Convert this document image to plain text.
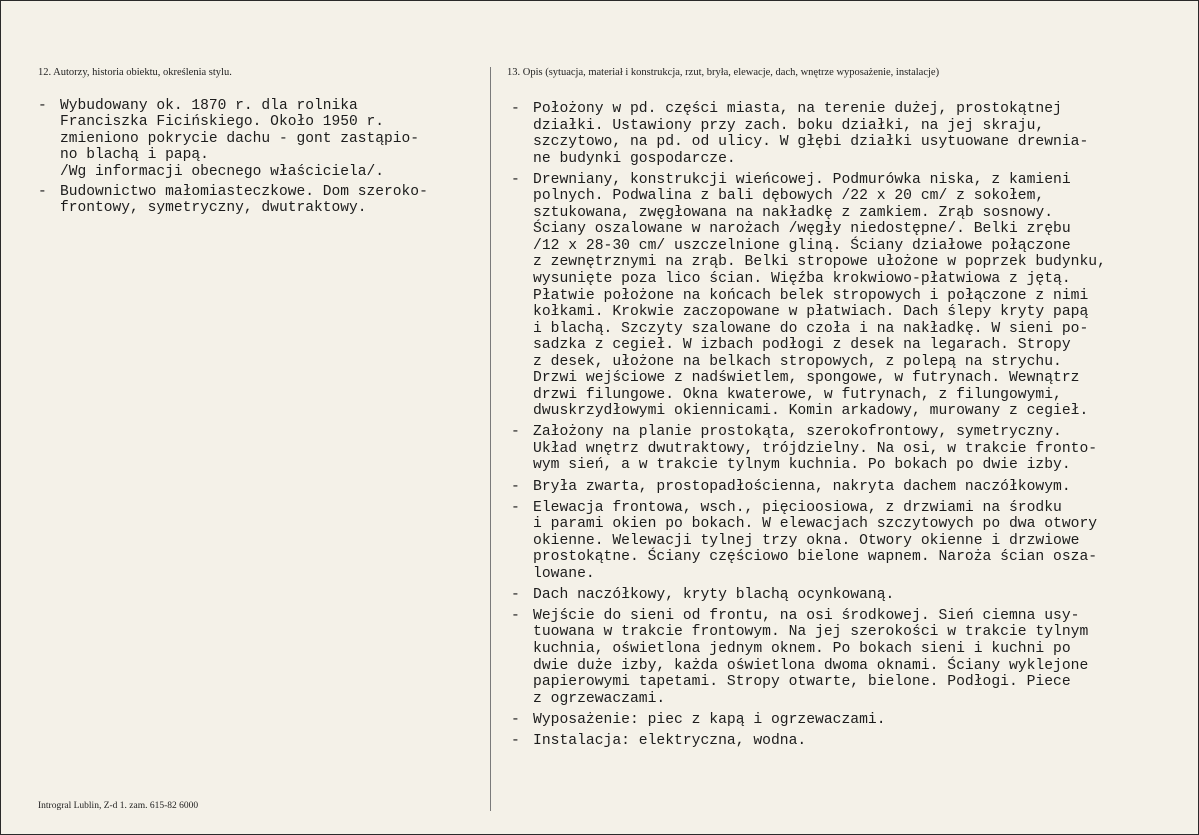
12. Autorzy, historia obiektu, określenia stylu.	13. Opis (sytuacja, materiał i konstrukcja, rzut, bryła, elewacje, dach, wnętrze wyposażenie, instalacje)
- Wybudowany ok. 1870 r. dla rolnika
Franciszka Ficińskiego. Około 1950 r.
zmieniono pokrycie dachu - gont zastąpio-
no blachą i papą.
/Wg informacji obecnego właściciela/.
- Budownictwo małomiasteczkowe. Dom szeroko-
frontowy, symetryczny, dwutraktowy.
- Położony w pd. części miasta, na terenie dużej, prostokątnej
działki. Ustawiony przy zach. boku działki, na jej skraju,
szczytowo, na pd. od ulicy. W głębi działki usytuowane drewnia-
ne budynki gospodarcze.
- Drewniany, konstrukcji wieńcowej. Podmurówka niska, z kamieni
polnych. Podwalina z bali dębowych /22 x 20 cm/ z sokołem,
sztukowana, zwęgłowana na nakładkę z zamkiem. Zrąb sosnowy.
Ściany oszalowane w narożach /węgły niedostępne/. Belki zrębu
/12 x 28-30 cm/ uszczelnione gliną. Ściany działowe połączone
z zewnętrznymi na zrąb. Belki stropowe ułożone w poprzek budynku,
wysunięte poza lico ścian. Więźba krokwiowo-płatwiowa z jętą.
Płatwie położone na końcach belek stropowych i połączone z nimi
kołkami. Krokwie zaczopowane w płatwiach. Dach ślepy kryty papą
i blachą. Szczyty szalowane do czoła i na nakładkę. W sieni po-
sadzka z cegieł. W izbach podłogi z desek na legarach. Stropy
z desek, ułożone na belkach stropowych, z polepą na strychu.
Drzwi wejściowe z nadświetlem, spongowe, w futrynach. Wewnątrz
drzwi filungowe. Okna kwaterowe, w futrynach, z filungowymi,
dwuskrzydłowymi okiennicami. Komin arkadowy, murowany z cegieł.
- Założony na planie prostokąta, szerokofrontowy, symetryczny.
Układ wnętrz dwutraktowy, trójdzielny. Na osi, w trakcie fronto-
wym sień, a w trakcie tylnym kuchnia. Po bokach po dwie izby.
- Bryła zwarta, prostopadłościenna, nakryta dachem naczółkowym.
- Elewacja frontowa, wsch., pięcioosiowa, z drzwiami na środku
i parami okien po bokach. W elewacjach szczytowych po dwa otwory
okienne. Welewacji tylnej trzy okna. Otwory okienne i drzwiowe
prostokątne. Ściany częściowo bielone wapnem. Naroża ścian osza-
lowane.
- Dach naczółkowy, kryty blachą ocynkowaną.
- Wejście do sieni od frontu, na osi środkowej. Sień ciemna usy-
tuowana w trakcie frontowym. Na jej szerokości w trakcie tylnym
kuchnia, oświetlona jednym oknem. Po bokach sieni i kuchni po
dwie duże izby, każda oświetlona dwoma oknami. Ściany wyklejone
papierowymi tapetami. Stropy otwarte, bielone. Podłogi. Piece
z ogrzewaczami.
- Wyposażenie: piec z kapą i ogrzewaczami.
- Instalacja: elektryczna, wodna.
Introgral Lublin, Z-d 1. zam. 615-82 6000
